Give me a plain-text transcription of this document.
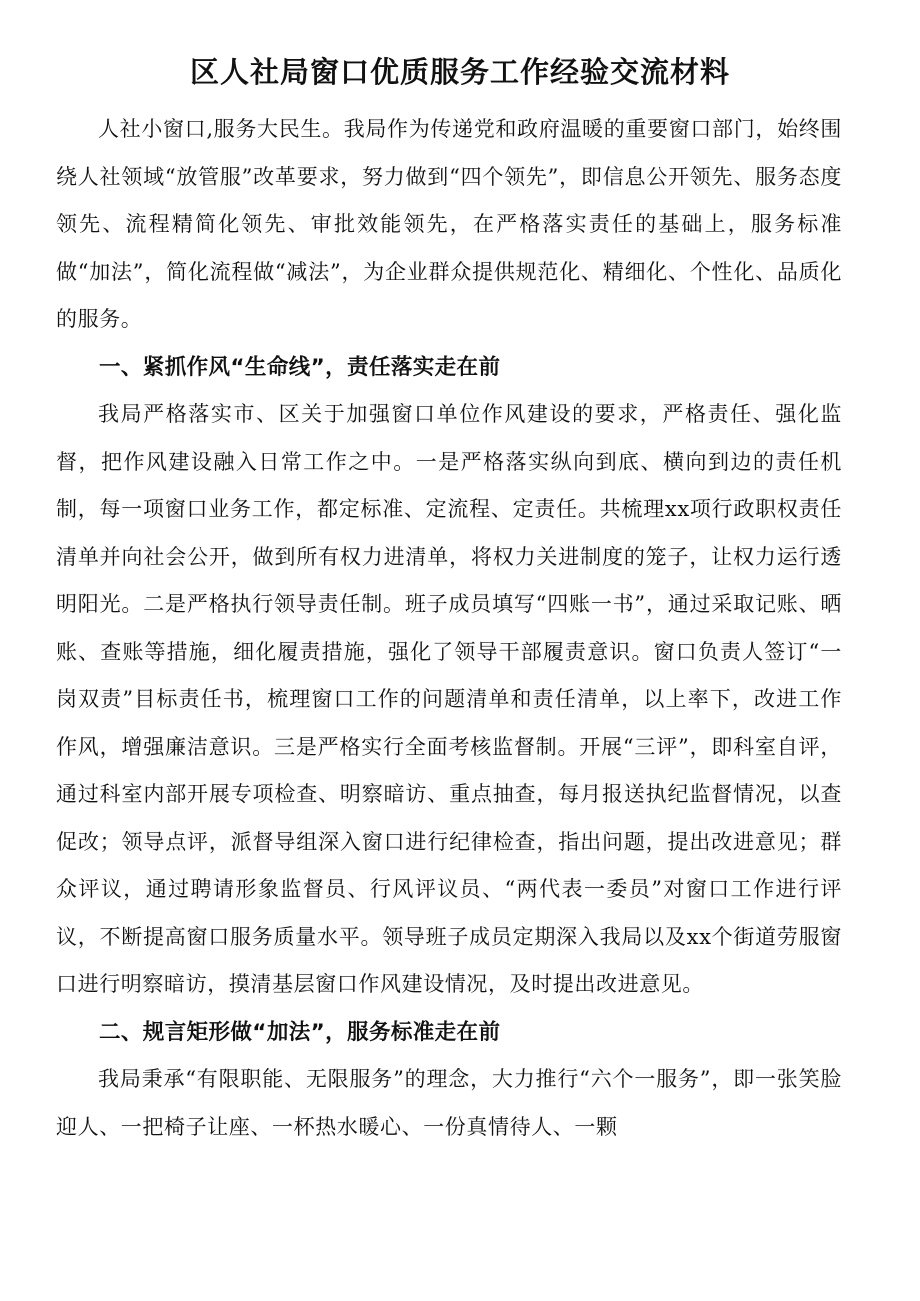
区人社局窗口优质服务工作经验交流材料

人社小窗口,服务大民生。我局作为传递党和政府温暖的重要窗口部门，始终围绕人社领域“放管服”改革要求，努力做到“四个领先”，即信息公开领先、服务态度领先、流程精简化领先、审批效能领先，在严格落实责任的基础上，服务标准做“加法”，简化流程做“减法”，为企业群众提供规范化、精细化、个性化、品质化的服务。

一、紧抓作风“生命线”，责任落实走在前

我局严格落实市、区关于加强窗口单位作风建设的要求，严格责任、强化监督，把作风建设融入日常工作之中。一是严格落实纵向到底、横向到边的责任机制，每一项窗口业务工作，都定标准、定流程、定责任。共梳理xx项行政职权责任清单并向社会公开，做到所有权力进清单，将权力关进制度的笼子，让权力运行透明阳光。二是严格执行领导责任制。班子成员填写“四账一书”，通过采取记账、晒账、查账等措施，细化履责措施，强化了领导干部履责意识。窗口负责人签订“一岗双责”目标责任书，梳理窗口工作的问题清单和责任清单，以上率下，改进工作作风，增强廉洁意识。三是严格实行全面考核监督制。开展“三评”，即科室自评，通过科室内部开展专项检查、明察暗访、重点抽查，每月报送执纪监督情况，以查促改；领导点评，派督导组深入窗口进行纪律检查，指出问题，提出改进意见；群众评议，通过聘请形象监督员、行风评议员、“两代表一委员”对窗口工作进行评议，不断提高窗口服务质量水平。领导班子成员定期深入我局以及xx个街道劳服窗口进行明察暗访，摸清基层窗口作风建设情况，及时提出改进意见。

二、规言矩形做“加法”，服务标准走在前

我局秉承“有限职能、无限服务”的理念，大力推行“六个一服务”，即一张笑脸迎人、一把椅子让座、一杯热水暖心、一份真情待人、一颗
